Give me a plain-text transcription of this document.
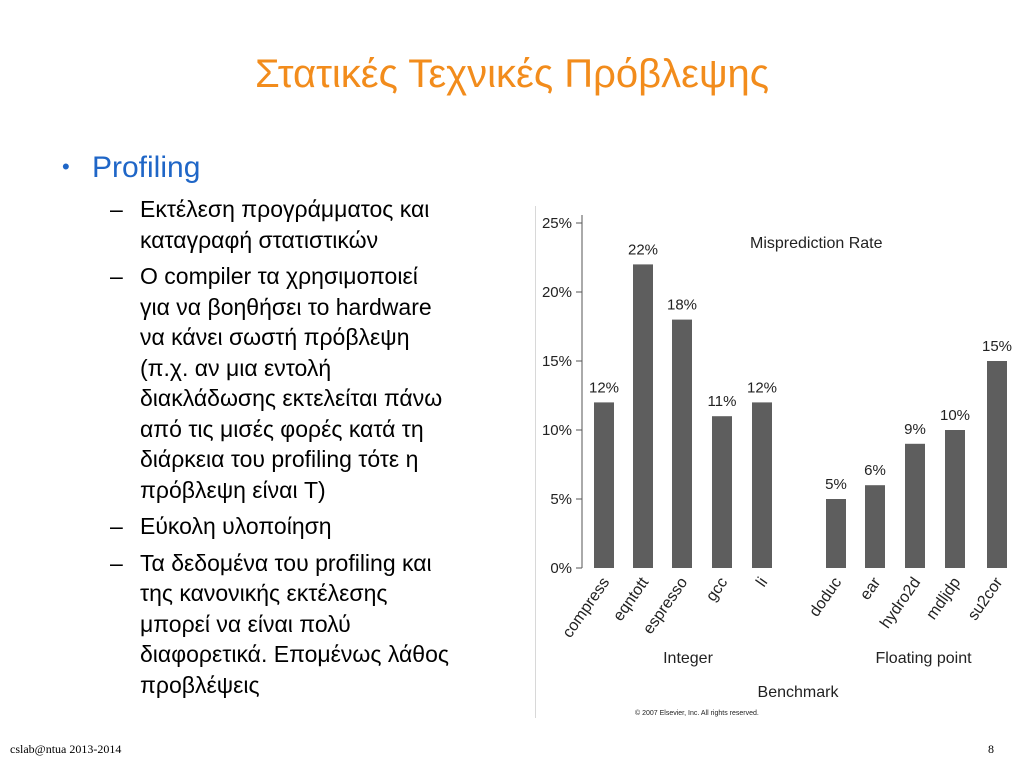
Στατικές Τεχνικές Πρόβλεψης
• Profiling
– Εκτέλεση προγράμματος και
καταγραφή στατιστικών
– Ο compiler τα χρησιμοποιεί
για να βοηθήσει το hardware
να κάνει σωστή πρόβλεψη
(π.χ. αν μια εντολή
διακλάδωσης εκτελείται πάνω
από τις μισές φορές κατά τη
διάρκεια του profiling τότε η
πρόβλεψη είναι T)
– Εύκολη υλοποίηση
– Τα δεδομένα του profiling και
της κανονικής εκτέλεσης
μπορεί να είναι πολύ
διαφορετικά. Επομένως λάθος
προβλέψεις
0%
5%
10%
15%
20%
25%
12%
compress
22%
eqntott
18%
espresso
11%
gcc
12%
li
5%
doduc
6%
ear
9%
hydro2d
10%
mdljdp
15%
su2cor
Misprediction Rate
Integer	Floating point
Benchmark
© 2007 Elsevier, Inc. All rights reserved.
cslab@ntua 2013-2014	8
